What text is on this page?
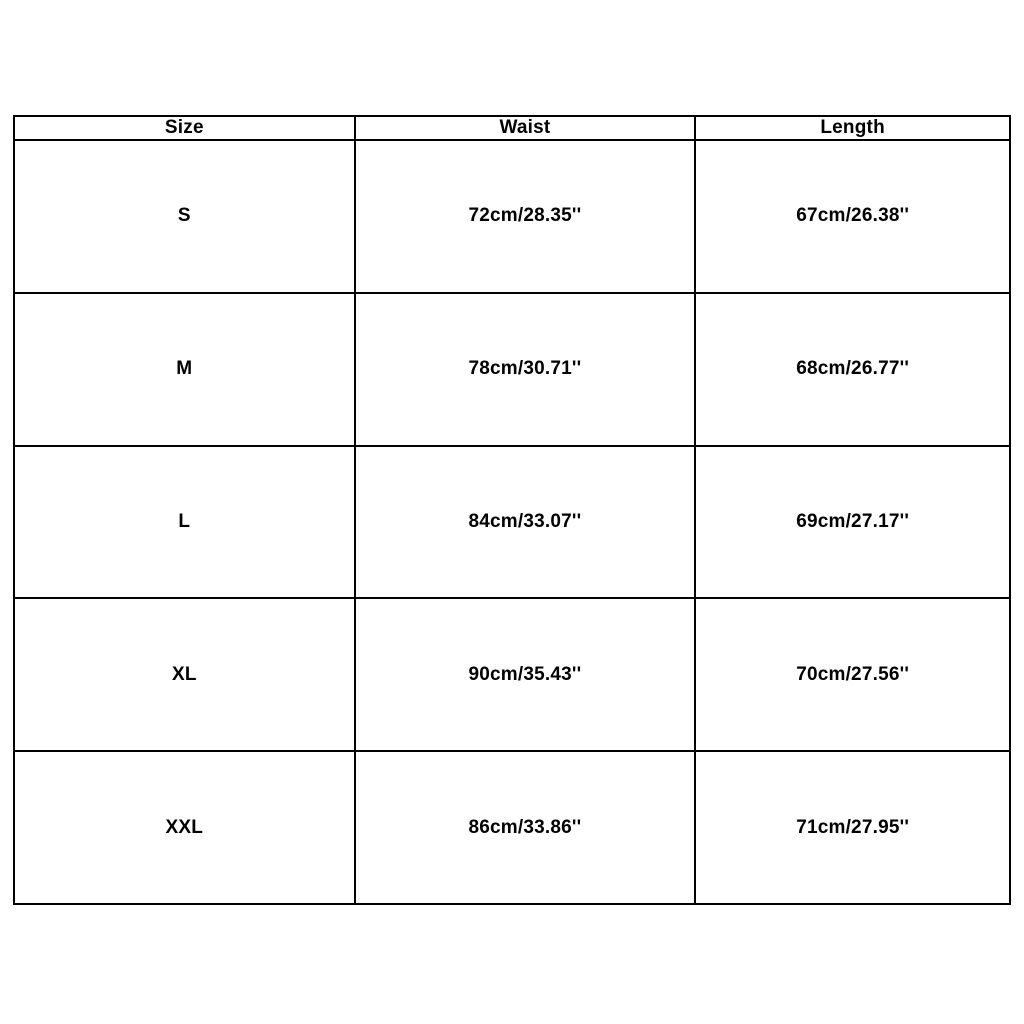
Size	Waist	Length
S	72cm/28.35''	67cm/26.38''
M	78cm/30.71''	68cm/26.77''
L	84cm/33.07''	69cm/27.17''
XL	90cm/35.43''	70cm/27.56''
XXL	86cm/33.86''	71cm/27.95''
